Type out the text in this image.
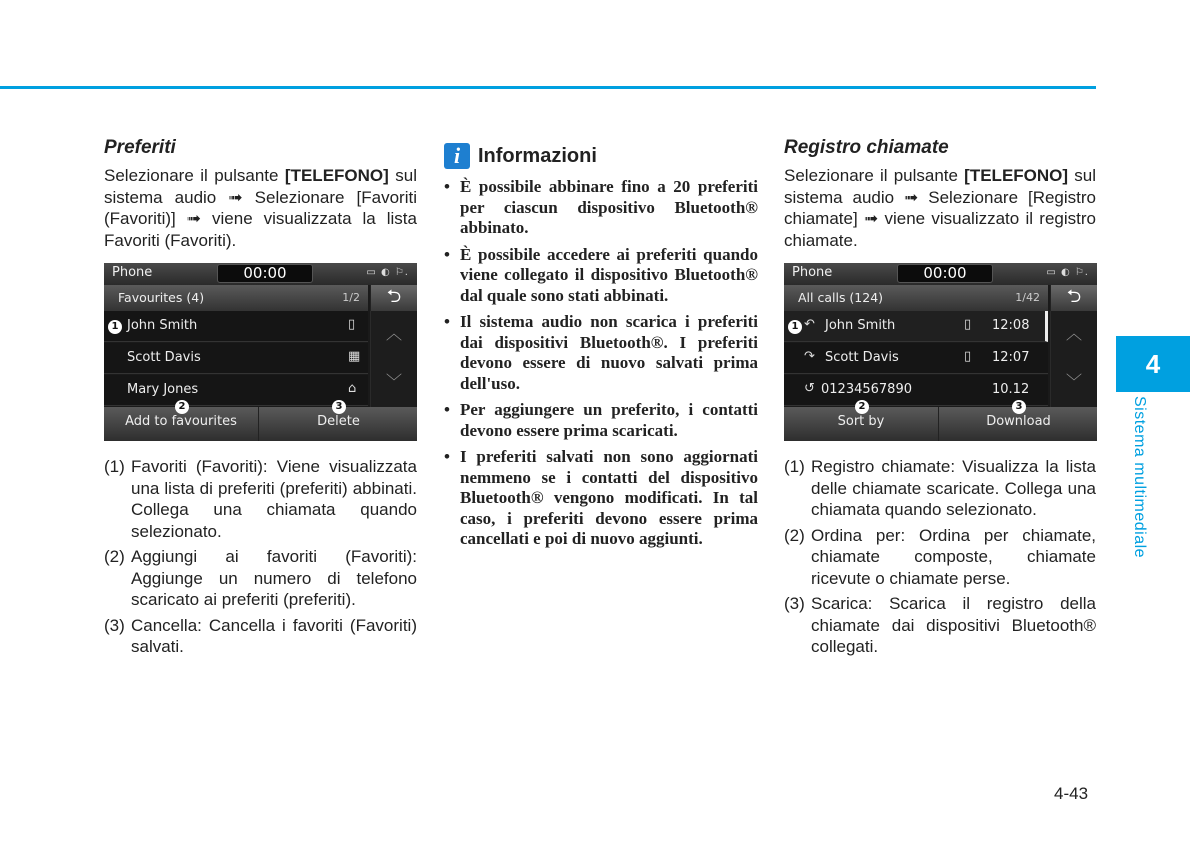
Preferiti

Selezionare il pulsante [TELEFONO] sul sistema audio ➟ Selezionare [Favoriti (Favoriti)] ➟ viene visualizzata la lista Favoriti (Favoriti).

Phone	00:00	▭ ◐ ⚐.
Favourites (4)	1/2	⮌
John Smith	▯
Scott Davis	▦
Mary Jones	⌂
︿
﹀
Add to favourites	Delete
1
2	3
(1) Favoriti (Favoriti): Viene visualizzata una lista di preferiti (preferiti) abbinati. Collega una chiamata quando selezionato.
(2) Aggiungi ai favoriti (Favoriti): Aggiunge un numero di telefono scaricato ai preferiti (preferiti).
(3) Cancella: Cancella i favoriti (Favoriti) salvati.
i Informazioni
• È possibile abbinare fino a 20 preferiti per ciascun dispositivo Bluetooth® abbinato.
• È possibile accedere ai preferiti quando viene collegato il dispositivo Bluetooth® dal quale sono stati abbinati.
• Il sistema audio non scarica i preferiti dai dispositivi Bluetooth®. I preferiti devono essere di nuovo salvati prima dell'uso.
• Per aggiungere un preferito, i contatti devono essere prima scaricati.
• I preferiti salvati non sono aggiornati nemmeno se i contatti del dispositivo Bluetooth® vengono modificati. In tal caso, i preferiti devono essere prima cancellati e poi di nuovo aggiunti.
Registro chiamate

Selezionare il pulsante [TELEFONO] sul sistema audio ➟ Selezionare [Registro chiamate] ➟ viene visualizzato il registro chiamate.

Phone	00:00	▭ ◐ ⚐.
All calls (124)	1/42	⮌
↶ John Smith	▯ 12:08
↷ Scott Davis	▯ 12:07
↺ 01234567890	10.12
︿
﹀
Sort by	Download
1
2	3
(1) Registro chiamate: Visualizza la lista delle chiamate scaricate. Collega una chiamata quando selezionato.
(2) Ordina per: Ordina per chiamate, chiamate composte, chiamate ricevute o chiamate perse.
(3) Scarica: Scarica il registro della chiamate dai dispositivi Bluetooth® collegati.
4
Sistema multimediale
4-43
